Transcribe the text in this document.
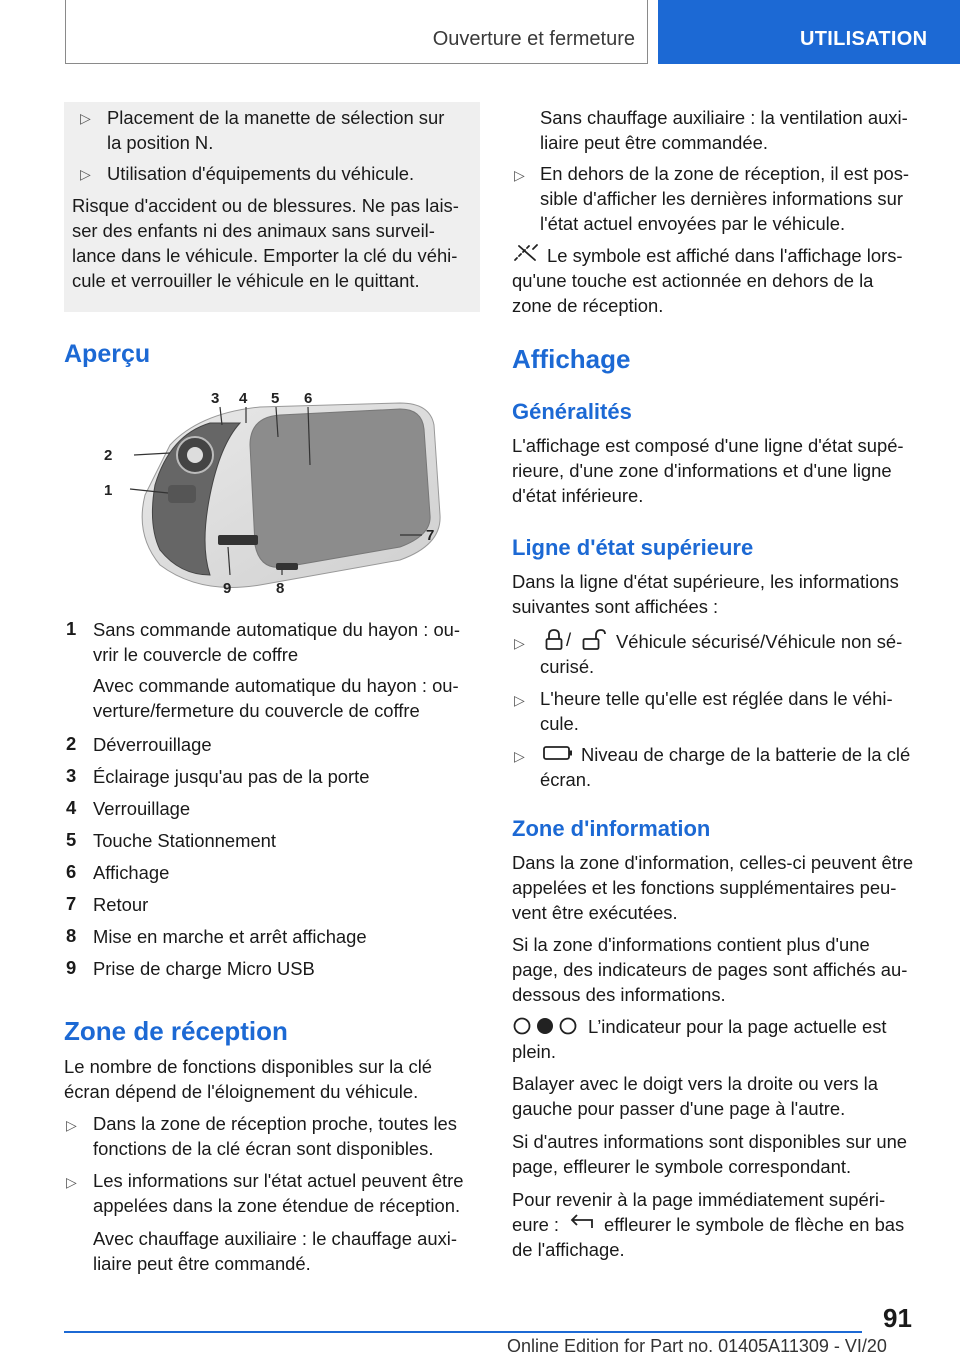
Ouverture et fermeture	UTILISATION
▷ Placement de la manette de sélection sur
la position N.

▷ Utilisation d'équipements du véhicule.

Risque d'accident ou de blessures. Ne pas lais-
ser des enfants ni des animaux sans surveil-
lance dans le véhicule. Emporter la clé du véhi-
cule et verrouiller le véhicule en le quittant.

Aperçu
3 4 5 6
2
1
7
9	8
1 Sans commande automatique du hayon : ou-
vrir le couvercle de coffre

Avec commande automatique du hayon : ou-
verture/fermeture du couvercle de coffre

2 Déverrouillage

3 Éclairage jusqu'au pas de la porte

4 Verrouillage

5 Touche Stationnement

6 Affichage

7 Retour

8 Mise en marche et arrêt affichage

9 Prise de charge Micro USB

Zone de réception

Le nombre de fonctions disponibles sur la clé
écran dépend de l'éloignement du véhicule.

▷ Dans la zone de réception proche, toutes les
fonctions de la clé écran sont disponibles.

▷ Les informations sur l'état actuel peuvent être
appelées dans la zone étendue de réception.

Avec chauffage auxiliaire : le chauffage auxi-
liaire peut être commandé.

Sans chauffage auxiliaire : la ventilation auxi-
liaire peut être commandée.

▷ En dehors de la zone de réception, il est pos-
sible d'afficher les dernières informations sur
l'état actuel envoyées par le véhicule.

Le symbole est affiché dans l'affichage lors-
qu'une touche est actionnée en dehors de la
zone de réception.

Affichage
Généralités

L'affichage est composé d'une ligne d'état supé-
rieure, d'une zone d'informations et d'une ligne
d'état inférieure.

Ligne d'état supérieure

Dans la ligne d'état supérieure, les informations
suivantes sont affichées :

▷ /	Véhicule sécurisé/Véhicule non sé-
curisé.

▷ L'heure telle qu'elle est réglée dans le véhi-
cule.

▷	Niveau de charge de la batterie de la clé
écran.

Zone d'information

Dans la zone d'information, celles-ci peuvent être
appelées et les fonctions supplémentaires peu-
vent être exécutées.

Si la zone d'informations contient plus d'une
page, des indicateurs de pages sont affichés au-
dessous des informations.

L’indicateur pour la page actuelle est
plein.

Balayer avec le doigt vers la droite ou vers la
gauche pour passer d'une page à l'autre.

Si d'autres informations sont disponibles sur une
page, effleurer le symbole correspondant.

Pour revenir à la page immédiatement supéri-

eure : effleurer le symbole de flèche en bas

de l'affichage.

91
Online Edition for Part no. 01405A11309 - VI/20
